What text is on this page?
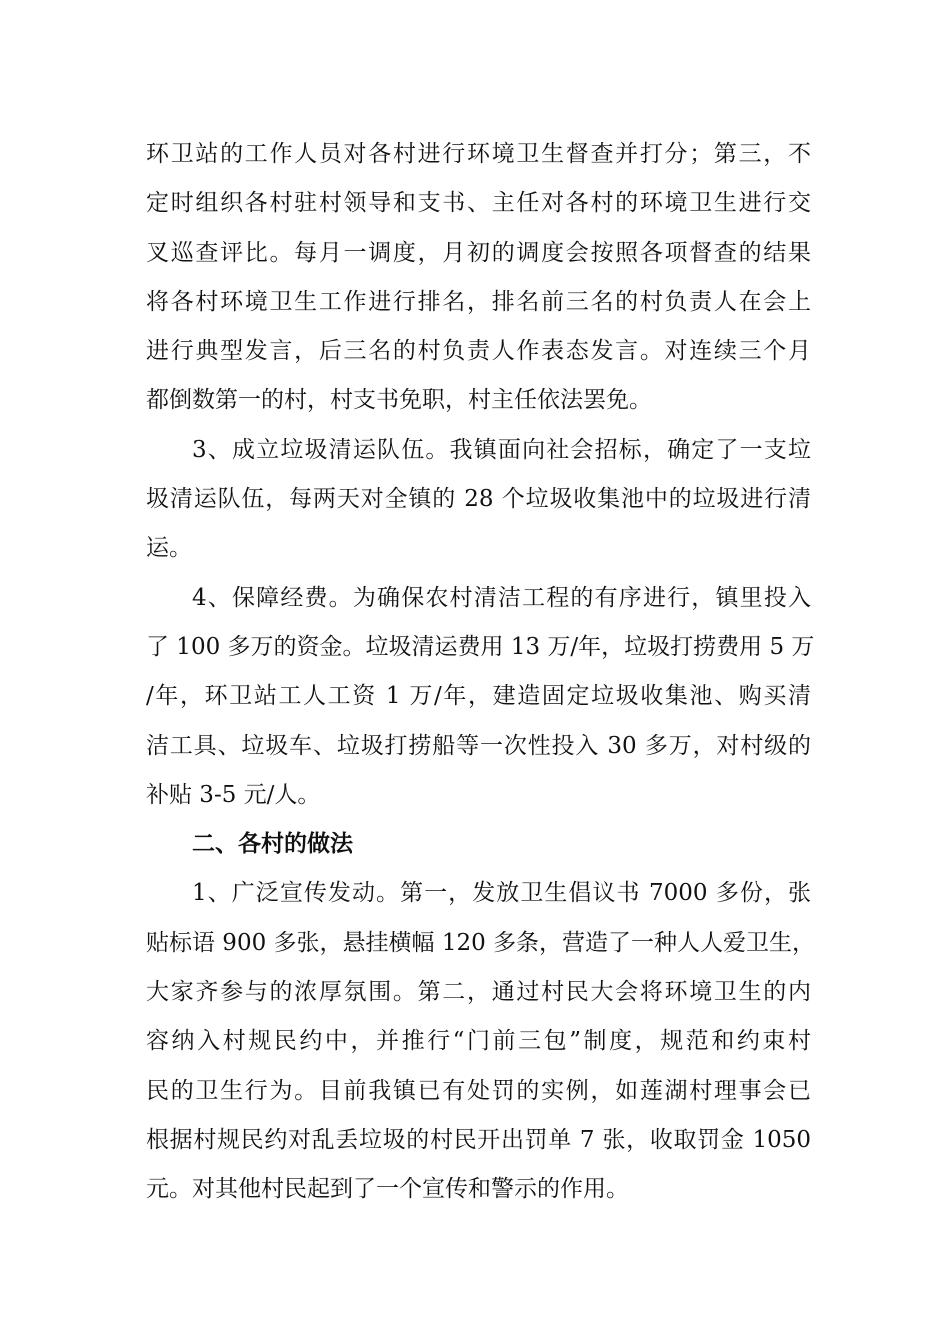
环卫站的工作人员对各村进行环境卫生督查并打分；第三，不
定时组织各村驻村领导和支书、主任对各村的环境卫生进行交
叉巡查评比。每月一调度，月初的调度会按照各项督查的结果
将各村环境卫生工作进行排名，排名前三名的村负责人在会上
进行典型发言，后三名的村负责人作表态发言。对连续三个月
都倒数第一的村，村支书免职，村主任依法罢免。
3、成立垃圾清运队伍。我镇面向社会招标，确定了一支垃
圾清运队伍，每两天对全镇的 28 个垃圾收集池中的垃圾进行清
运。
4、保障经费。为确保农村清洁工程的有序进行，镇里投入
了 100 多万的资金。垃圾清运费用 13 万/年，垃圾打捞费用 5 万
/年，环卫站工人工资 1 万/年，建造固定垃圾收集池、购买清
洁工具、垃圾车、垃圾打捞船等一次性投入 30 多万，对村级的
补贴 3-5 元/人。
二、各村的做法
1、广泛宣传发动。第一，发放卫生倡议书 7000 多份，张
贴标语 900 多张，悬挂横幅 120 多条，营造了一种人人爱卫生，
大家齐参与的浓厚氛围。第二，通过村民大会将环境卫生的内
容纳入村规民约中，并推行“门前三包”制度，规范和约束村
民的卫生行为。目前我镇已有处罚的实例，如莲湖村理事会已
根据村规民约对乱丢垃圾的村民开出罚单 7 张，收取罚金 1050
元。对其他村民起到了一个宣传和警示的作用。
